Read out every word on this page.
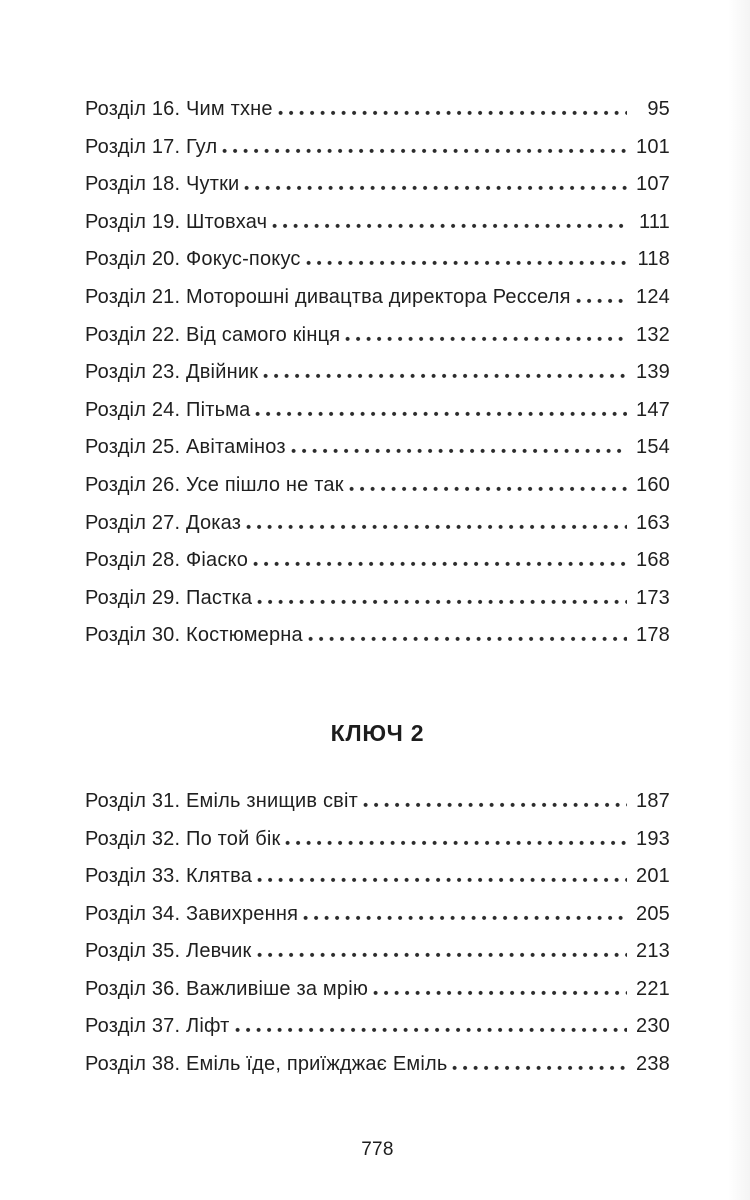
Розділ 16. Чим тхне	95
Розділ 17. Гул	101
Розділ 18. Чутки	107
Розділ 19. Штовхач	111
Розділ 20. Фокус-покус	118
Розділ 21. Моторошні дивацтва директора Ресселя	124
Розділ 22. Від самого кінця	132
Розділ 23. Двійник	139
Розділ 24. Пітьма	147
Розділ 25. Авітаміноз	154
Розділ 26. Усе пішло не так	160
Розділ 27. Доказ	163
Розділ 28. Фіаско	168
Розділ 29. Пастка	173
Розділ 30. Костюмерна	178
КЛЮЧ 2
Розділ 31. Еміль знищив світ	187
Розділ 32. По той бік	193
Розділ 33. Клятва	201
Розділ 34. Завихрення	205
Розділ 35. Левчик	213
Розділ 36. Важливіше за мрію	221
Розділ 37. Ліфт	230
Розділ 38. Еміль їде, приїжджає Еміль	238
778
